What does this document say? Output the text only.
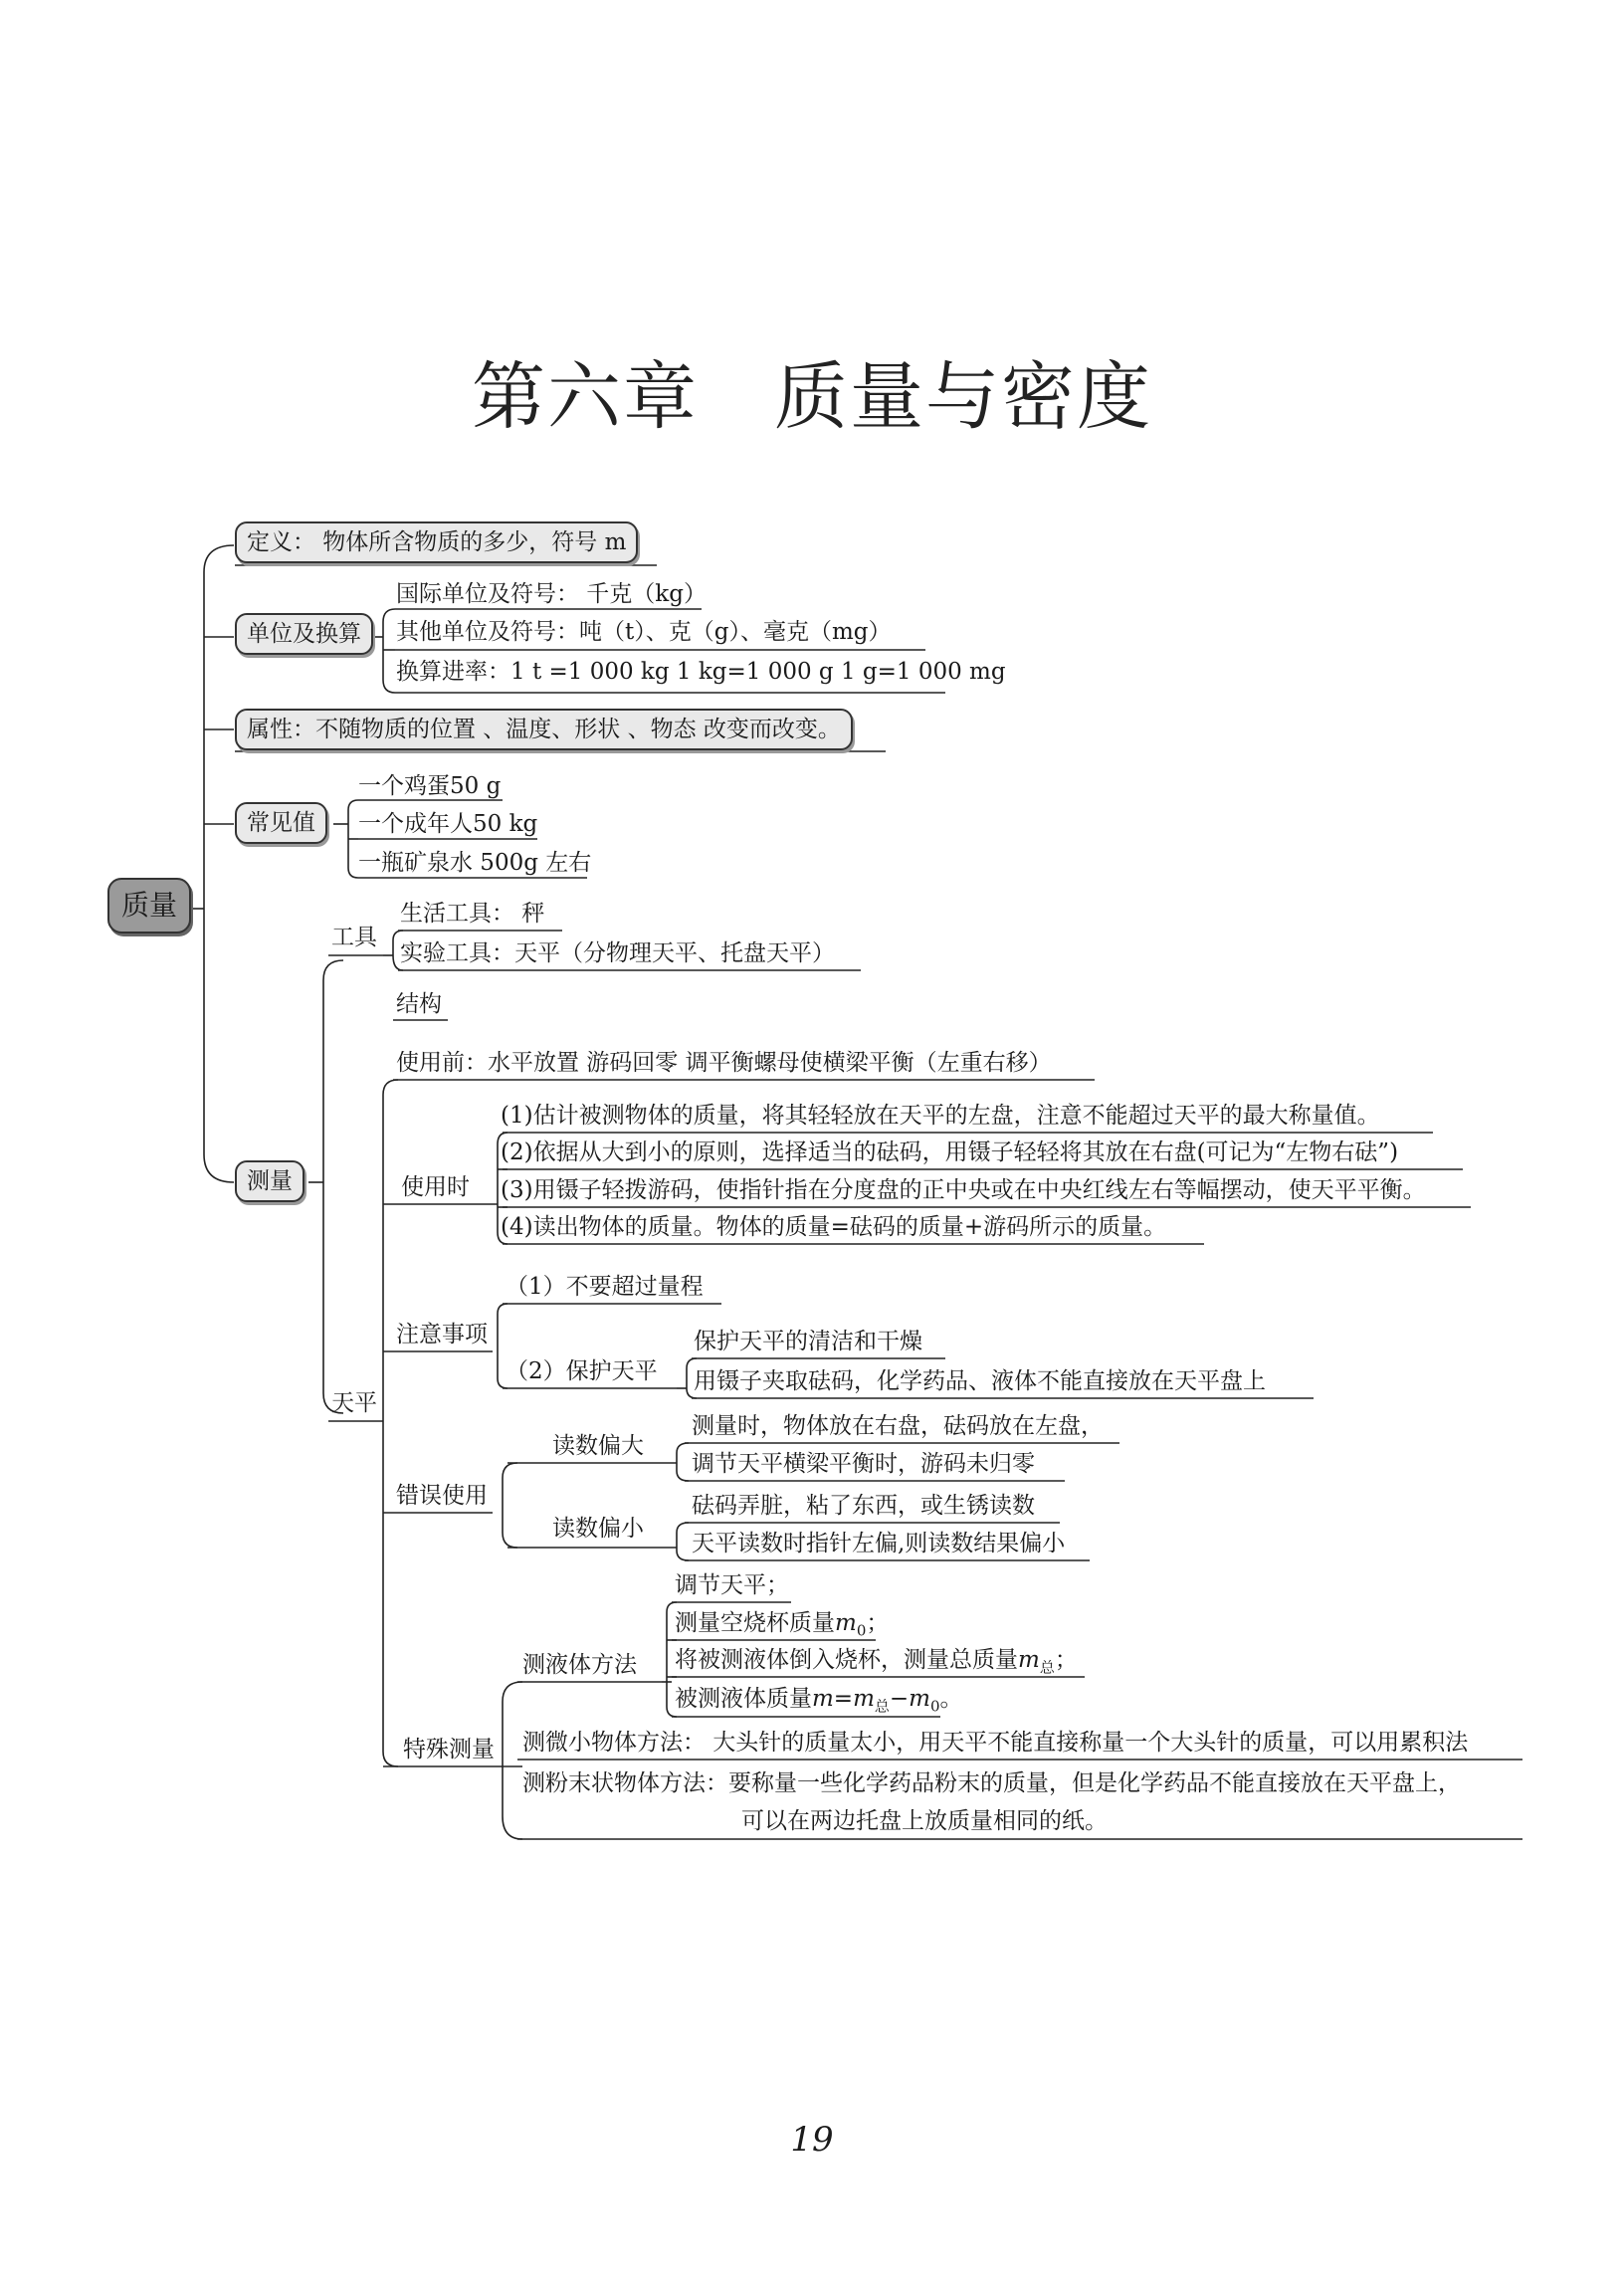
第六章　质量与密度
质量
定义： 物体所含物质的多少，符号 m
单位及换算
国际单位及符号： 千克（kg）
其他单位及符号：吨（t）、克（g）、毫克（mg）
换算进率：1 t =1 000 kg 1 kg=1 000 g 1 g=1 000 mg
属性：不随物质的位置 、温度、形状 、物态 改变而改变。
常见值
一个鸡蛋50 g
一个成年人50 kg
一瓶矿泉水 500g 左右
测量
工具
生活工具： 秤
实验工具：天平（分物理天平、托盘天平）
天平
结构
使用前：水平放置 游码回零 调平衡螺母使横梁平衡（左重右移）
使用时
(1)估计被测物体的质量，将其轻轻放在天平的左盘，注意不能超过天平的最大称量值。
(2)依据从大到小的原则，选择适当的砝码，用镊子轻轻将其放在右盘(可记为“左物右砝”)
(3)用镊子轻拨游码，使指针指在分度盘的正中央或在中央红线左右等幅摆动，使天平平衡。
(4)读出物体的质量。物体的质量=砝码的质量+游码所示的质量。
注意事项
（1）不要超过量程
（2）保护天平
保护天平的清洁和干燥
用镊子夹取砝码，化学药品、液体不能直接放在天平盘上
错误使用
读数偏大
测量时，物体放在右盘，砝码放在左盘，
调节天平横梁平衡时，游码未归零
读数偏小
砝码弄脏，粘了东西，或生锈读数
天平读数时指针左偏,则读数结果偏小
特殊测量
测液体方法
调节天平；
测量空烧杯质量$m_0$；
将被测液体倒入烧杯，测量总质量$m_总$；
被测液体质量$m=m_总-m_0$。
测微小物体方法： 大头针的质量太小，用天平不能直接称量一个大头针的质量，可以用累积法
测粉末状物体方法：要称量一些化学药品粉末的质量，但是化学药品不能直接放在天平盘上，
可以在两边托盘上放质量相同的纸。
19
